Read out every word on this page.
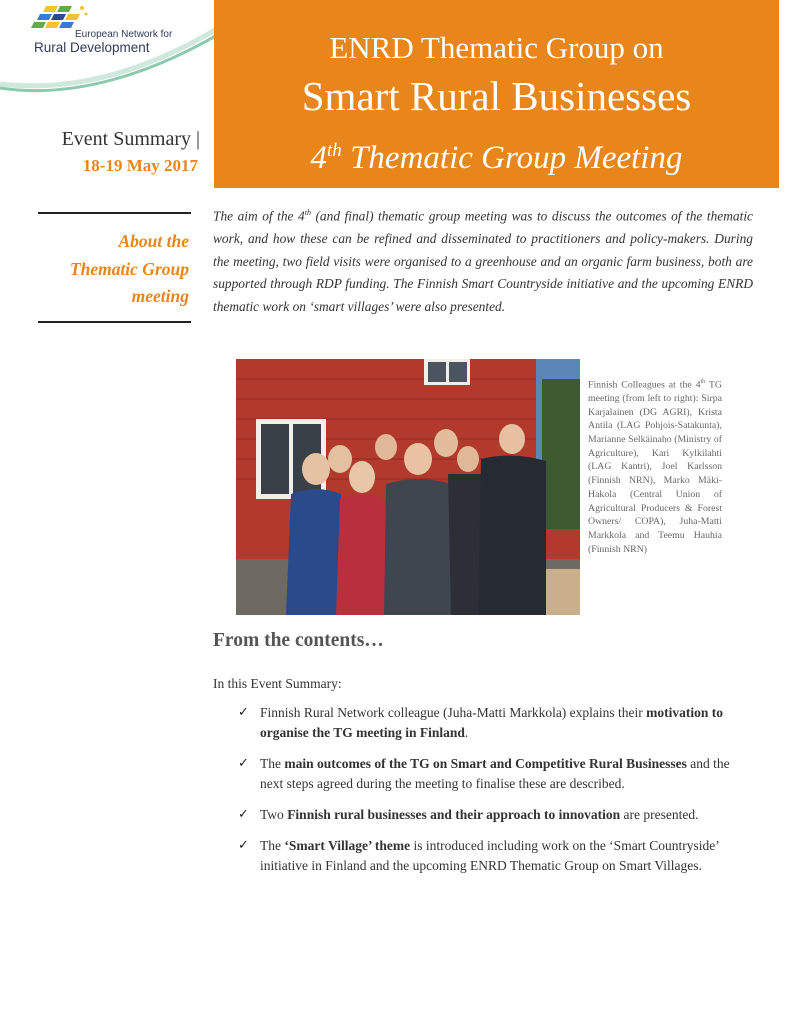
European Network for
Rural Development	ENRD Thematic Group on
Smart Rural Businesses
4th Thematic Group Meeting
Event Summary |
18-19 May 2017
About the
Thematic Group
meeting
The aim of the 4th (and final) thematic group meeting was to discuss the outcomes of the thematic work, and how these can be refined and disseminated to practitioners and policy-makers. During the meeting, two field visits were organised to a greenhouse and an organic farm business, both are supported through RDP funding. The Finnish Smart Countryside initiative and the upcoming ENRD thematic work on ‘smart villages’ were also presented.
Finnish Colleagues at the 4th TG meeting (from left to right): Sirpa Karjalainen (DG AGRI), Krista Antila (LAG Pohjois-Satakunta), Marianne Selkäinaho (Ministry of Agriculture), Kari Kylkilahti (LAG Kantri), Joel Karlsson (Finnish NRN), Marko Mäki-Hakola (Central Union of Agricultural Producers & Forest Owners/ COPA), Juha-Matti Markkola and Teemu Hauhia (Finnish NRN)
From the contents…
In this Event Summary:
✓ Finnish Rural Network colleague (Juha-Matti Markkola) explains their motivation to organise the TG meeting in Finland.
✓ The main outcomes of the TG on Smart and Competitive Rural Businesses and the next steps agreed during the meeting to finalise these are described.
✓ Two Finnish rural businesses and their approach to innovation are presented.
✓ The ‘Smart Village’ theme is introduced including work on the ‘Smart Countryside’ initiative in Finland and the upcoming ENRD Thematic Group on Smart Villages.
